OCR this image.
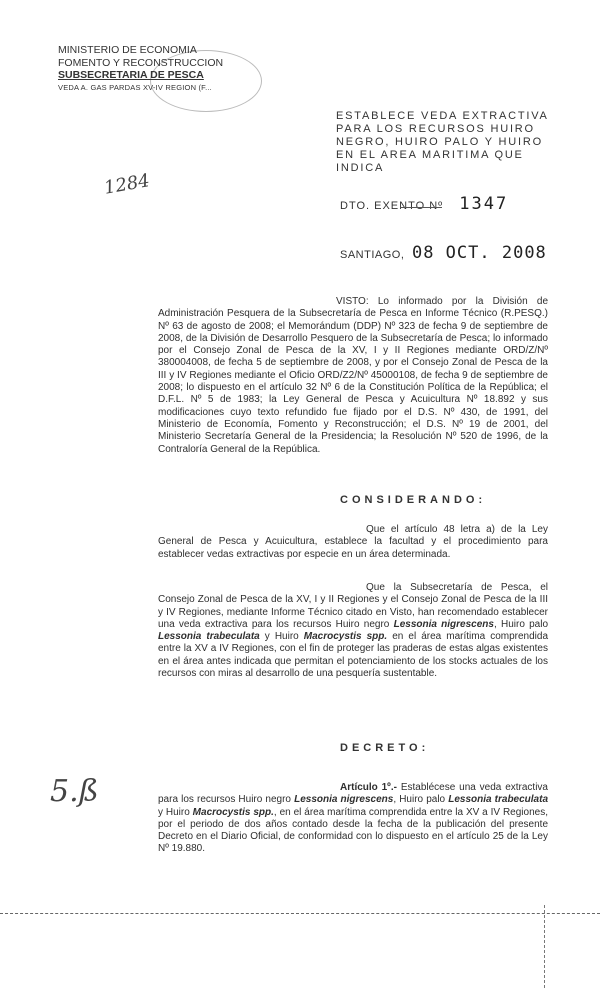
MINISTERIO DE ECONOMIA
FOMENTO Y RECONSTRUCCION
SUBSECRETARIA DE PESCA
VEDA A. GAS PARDAS XV-IV REGION (F...
1284
ESTABLECE VEDA EXTRACTIVA PARA LOS RECURSOS HUIRO NEGRO, HUIRO PALO Y HUIRO EN EL AREA MARITIMA QUE INDICA
DTO. EXENTO Nº 1347
SANTIAGO, 08 OCT. 2008
VISTO: Lo informado por la División de Administración Pesquera de la Subsecretaría de Pesca en Informe Técnico (R.PESQ.) Nº 63 de agosto de 2008; el Memorándum (DDP) Nº 323 de fecha 9 de septiembre de 2008, de la División de Desarrollo Pesquero de la Subsecretaría de Pesca; lo informado por el Consejo Zonal de Pesca de la XV, I y II Regiones mediante ORD/Z/Nº 380004008, de fecha 5 de septiembre de 2008, y por el Consejo Zonal de Pesca de la III y IV Regiones mediante el Oficio ORD/Z2/Nº 45000108, de fecha 9 de septiembre de 2008; lo dispuesto en el artículo 32 Nº 6 de la Constitución Política de la República; el D.F.L. Nº 5 de 1983; la Ley General de Pesca y Acuicultura Nº 18.892 y sus modificaciones cuyo texto refundido fue fijado por el D.S. Nº 430, de 1991, del Ministerio de Economía, Fomento y Reconstrucción; el D.S. Nº 19 de 2001, del Ministerio Secretaría General de la Presidencia; la Resolución Nº 520 de 1996, de la Contraloría General de la República.
CONSIDERANDO:
Que el artículo 48 letra a) de la Ley General de Pesca y Acuicultura, establece la facultad y el procedimiento para establecer vedas extractivas por especie en un área determinada.
Que la Subsecretaría de Pesca, el Consejo Zonal de Pesca de la XV, I y II Regiones y el Consejo Zonal de Pesca de la III y IV Regiones, mediante Informe Técnico citado en Visto, han recomendado establecer una veda extractiva para los recursos Huiro negro Lessonia nigrescens, Huiro palo Lessonia trabeculata y Huiro Macrocystis spp. en el área marítima comprendida entre la XV a IV Regiones, con el fin de proteger las praderas de estas algas existentes en el área antes indicada que permitan el potenciamiento de los stocks actuales de los recursos con miras al desarrollo de una pesquería sustentable.
DECRETO:
Artículo 1º.- Establécese una veda extractiva para los recursos Huiro negro Lessonia nigrescens, Huiro palo Lessonia trabeculata y Huiro Macrocystis spp., en el área marítima comprendida entre la XV a IV Regiones, por el periodo de dos años contado desde la fecha de la publicación del presente Decreto en el Diario Oficial, de conformidad con lo dispuesto en el artículo 25 de la Ley Nº 19.880.
5.ß
